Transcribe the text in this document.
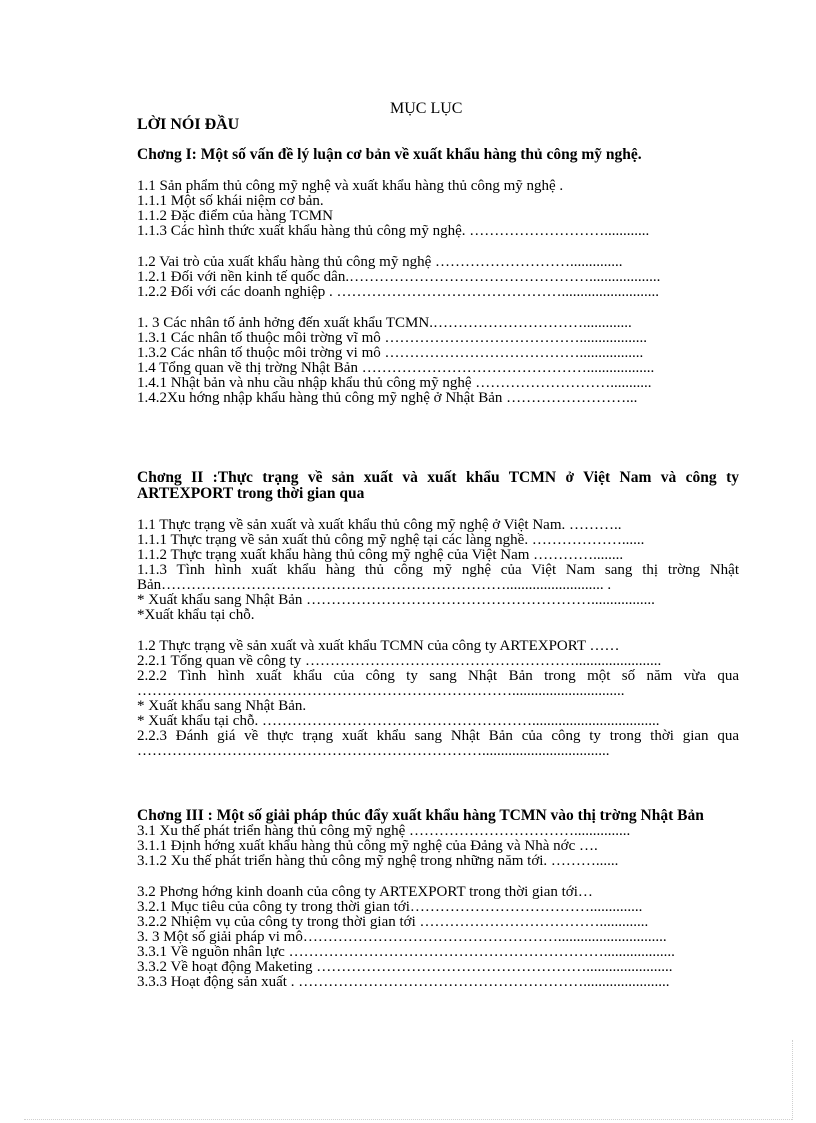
MỤC LỤC
LỜI NÓI ĐẦU
Chơng I: Một số vấn đề lý luận cơ bản về xuất khẩu hàng thủ công mỹ nghệ.
1.1 Sản phẩm thủ công mỹ nghệ và xuất khẩu hàng thủ công mỹ nghệ .
1.1.1 Một số khái niệm cơ bản.
1.1.2 Đặc điểm của hàng TCMN
1.1.3 Các hình thức xuất khẩu hàng thủ công mỹ nghệ. ………………………............
1.2 Vai trò của xuất khẩu hàng thủ công mỹ nghệ ………………………..............
1.2.1 Đối với nền kinh tế quốc dân.…………………………………………...................
1.2.2 Đối với các doanh nghiệp . ………………………………………..........................
1. 3 Các nhân tố ảnh hởng đến xuất khẩu TCMN.………………………….............
1.3.1 Các nhân tố thuộc môi trờng vĩ mô …………………………………..................
1.3.2 Các nhân tố thuộc môi trờng vi mô ………………………………….................
1.4 Tổng quan về thị trờng Nhật Bản ………………………………………..................
1.4.1 Nhật bản và nhu cầu nhập khẩu thủ công mỹ nghệ ………………………...........
1.4.2Xu hớng nhập khẩu hàng thủ công mỹ nghệ ở Nhật Bản ……………………...
Chơng II :Thực trạng về sản xuất và xuất khẩu TCMN ở Việt Nam và công ty ARTEXPORT trong thời gian qua
1.1 Thực trạng về sản xuất và xuất khẩu thủ công mỹ nghệ ở Việt Nam. ………..
1.1.1 Thực trạng về sản xuất thủ công mỹ nghệ tại các làng nghề. ………………......
1.1.2 Thực trạng xuất khẩu hàng thủ công mỹ nghệ của Việt Nam …………........
1.1.3 Tình hình xuất khẩu hàng thủ công mỹ nghệ của Việt Nam sang thị trờng Nhật Bản…………………………………………………………….......................... .
* Xuất khẩu sang Nhật Bản ………………………………………………….................
*Xuất khẩu tại chỗ.
1.2 Thực trạng về sản xuất và xuất khẩu TCMN của công ty ARTEXPORT ……
2.2.1 Tổng quan về công ty ……………………………………………….......................
2.2.2 Tình hình xuất khẩu của công ty sang Nhật Bản trong một số năm vừa qua …………………………………………………………………..............................
* Xuất khẩu sang Nhật Bản.
* Xuất khẩu tại chỗ. ………………………………………………..................................
2.2.3 Đánh giá về thực trạng xuất khẩu sang Nhật Bản của công ty trong thời gian qua ……………………………………………………………..................................
Chơng III : Một số giải pháp thúc đẩy xuất khẩu hàng TCMN vào thị trờng Nhật Bản
3.1 Xu thế phát triển hàng thủ công mỹ nghệ ……………………………...............
3.1.1 Định hớng xuất khẩu hàng thủ công mỹ nghệ của Đảng và Nhà nớc ….
3.1.2 Xu thế phát triển hàng thủ công mỹ nghệ trong những năm tới. ………......
3.2 Phơng hớng kinh doanh của công ty ARTEXPORT trong thời gian tới…
3.2.1 Mục tiêu của công ty trong thời gian tới………………………………..............
3.2.2 Nhiệm vụ của công ty trong thời gian tới ……………………………….............
3. 3 Một số giải pháp vi mô…………………………………………….............................
3.3.1 Về nguồn nhân lực ………………………………………………………...................
3.3.2 Về hoạt động Maketing ……………………………………………….......................
3.3.3 Hoạt động sản xuất . ………………………………………………….......................
